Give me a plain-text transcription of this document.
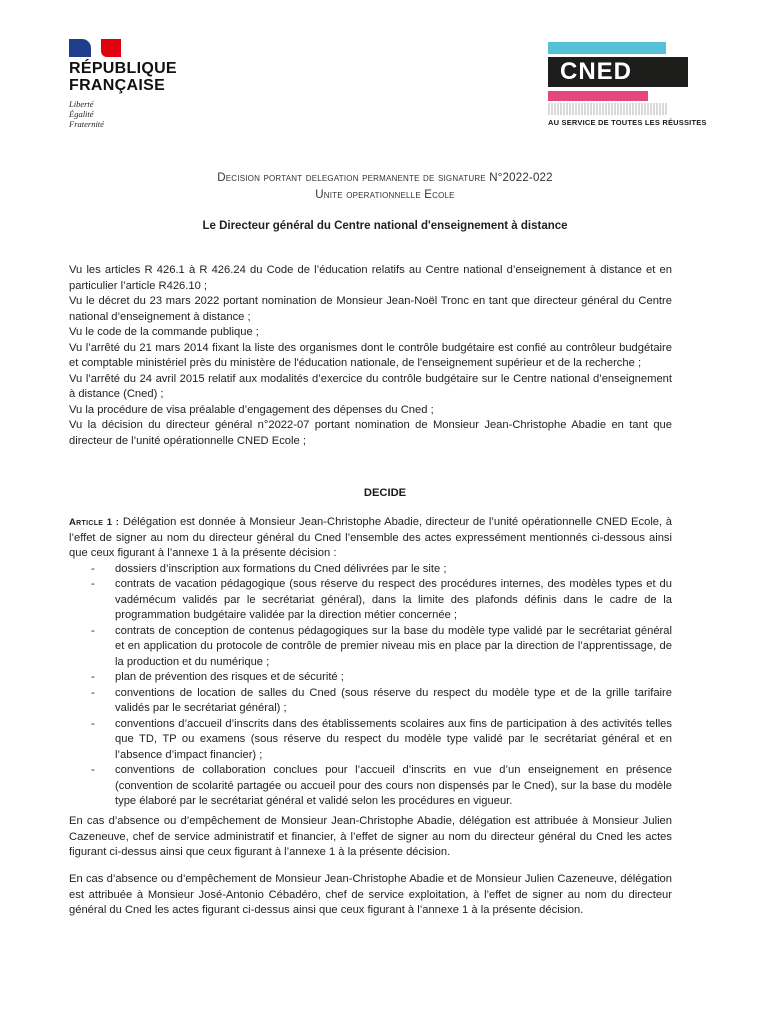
RÉPUBLIQUE
FRANÇAISE
Liberté
Égalité
Fraternité
CNED
AU SERVICE DE TOUTES LES RÉUSSITES
Decision portant delegation permanente de signature N°2022-022
Unite operationnelle Ecole
Le Directeur général du Centre national d'enseignement à distance

Vu les articles R 426.1 à R 426.24 du Code de l’éducation relatifs au Centre national d’enseignement à distance et en particulier l’article R426.10 ;

Vu le décret du 23 mars 2022 portant nomination de Monsieur Jean-Noël Tronc en tant que directeur général du Centre national d’enseignement à distance ;

Vu le code de la commande publique ;

Vu l’arrêté du 21 mars 2014 fixant la liste des organismes dont le contrôle budgétaire est confié au contrôleur budgétaire et comptable ministériel près du ministère de l'éducation nationale, de l'enseignement supérieur et de la recherche ;

Vu l’arrêté du 24 avril 2015 relatif aux modalités d’exercice du contrôle budgétaire sur le Centre national d’enseignement à distance (Cned) ;

Vu la procédure de visa préalable d’engagement des dépenses du Cned ;

Vu la décision du directeur général n°2022-07 portant nomination de Monsieur Jean-Christophe Abadie en tant que directeur de l’unité opérationnelle CNED Ecole ;

DECIDE

Article 1 : Délégation est donnée à Monsieur Jean-Christophe Abadie, directeur de l’unité opérationnelle CNED Ecole, à l’effet de signer au nom du directeur général du Cned l’ensemble des actes expressément mentionnés ci-dessous ainsi que ceux figurant à l’annexe 1 à la présente décision :

- dossiers d’inscription aux formations du Cned délivrées par le site ;
- contrats de vacation pédagogique (sous réserve du respect des procédures internes, des modèles types et du vadémécum validés par le secrétariat général), dans la limite des plafonds définis dans le cadre de la programmation budgétaire validée par la direction métier concernée ;
- contrats de conception de contenus pédagogiques sur la base du modèle type validé par le secrétariat général et en application du protocole de contrôle de premier niveau mis en place par la direction de l’apprentissage, de la production et du numérique ;
- plan de prévention des risques et de sécurité ;
- conventions de location de salles du Cned (sous réserve du respect du modèle type et de la grille tarifaire validés par le secrétariat général) ;
- conventions d’accueil d’inscrits dans des établissements scolaires aux fins de participation à des activités telles que TD, TP ou examens (sous réserve du respect du modèle type validé par le secrétariat général et en l’absence d’impact financier) ;
- conventions de collaboration conclues pour l’accueil d’inscrits en vue d’un enseignement en présence (convention de scolarité partagée ou accueil pour des cours non dispensés par le Cned), sur la base du modèle type élaboré par le secrétariat général et validé selon les procédures en vigueur.

En cas d’absence ou d’empêchement de Monsieur Jean-Christophe Abadie, délégation est attribuée à Monsieur Julien Cazeneuve, chef de service administratif et financier, à l’effet de signer au nom du directeur général du Cned les actes figurant ci-dessus ainsi que ceux figurant à l’annexe 1 à la présente décision.

En cas d’absence ou d’empêchement de Monsieur Jean-Christophe Abadie et de Monsieur Julien Cazeneuve, délégation est attribuée à Monsieur José-Antonio Cébadéro, chef de service exploitation, à l’effet de signer au nom du directeur général du Cned les actes figurant ci-dessus ainsi que ceux figurant à l’annexe 1 à la présente décision.
